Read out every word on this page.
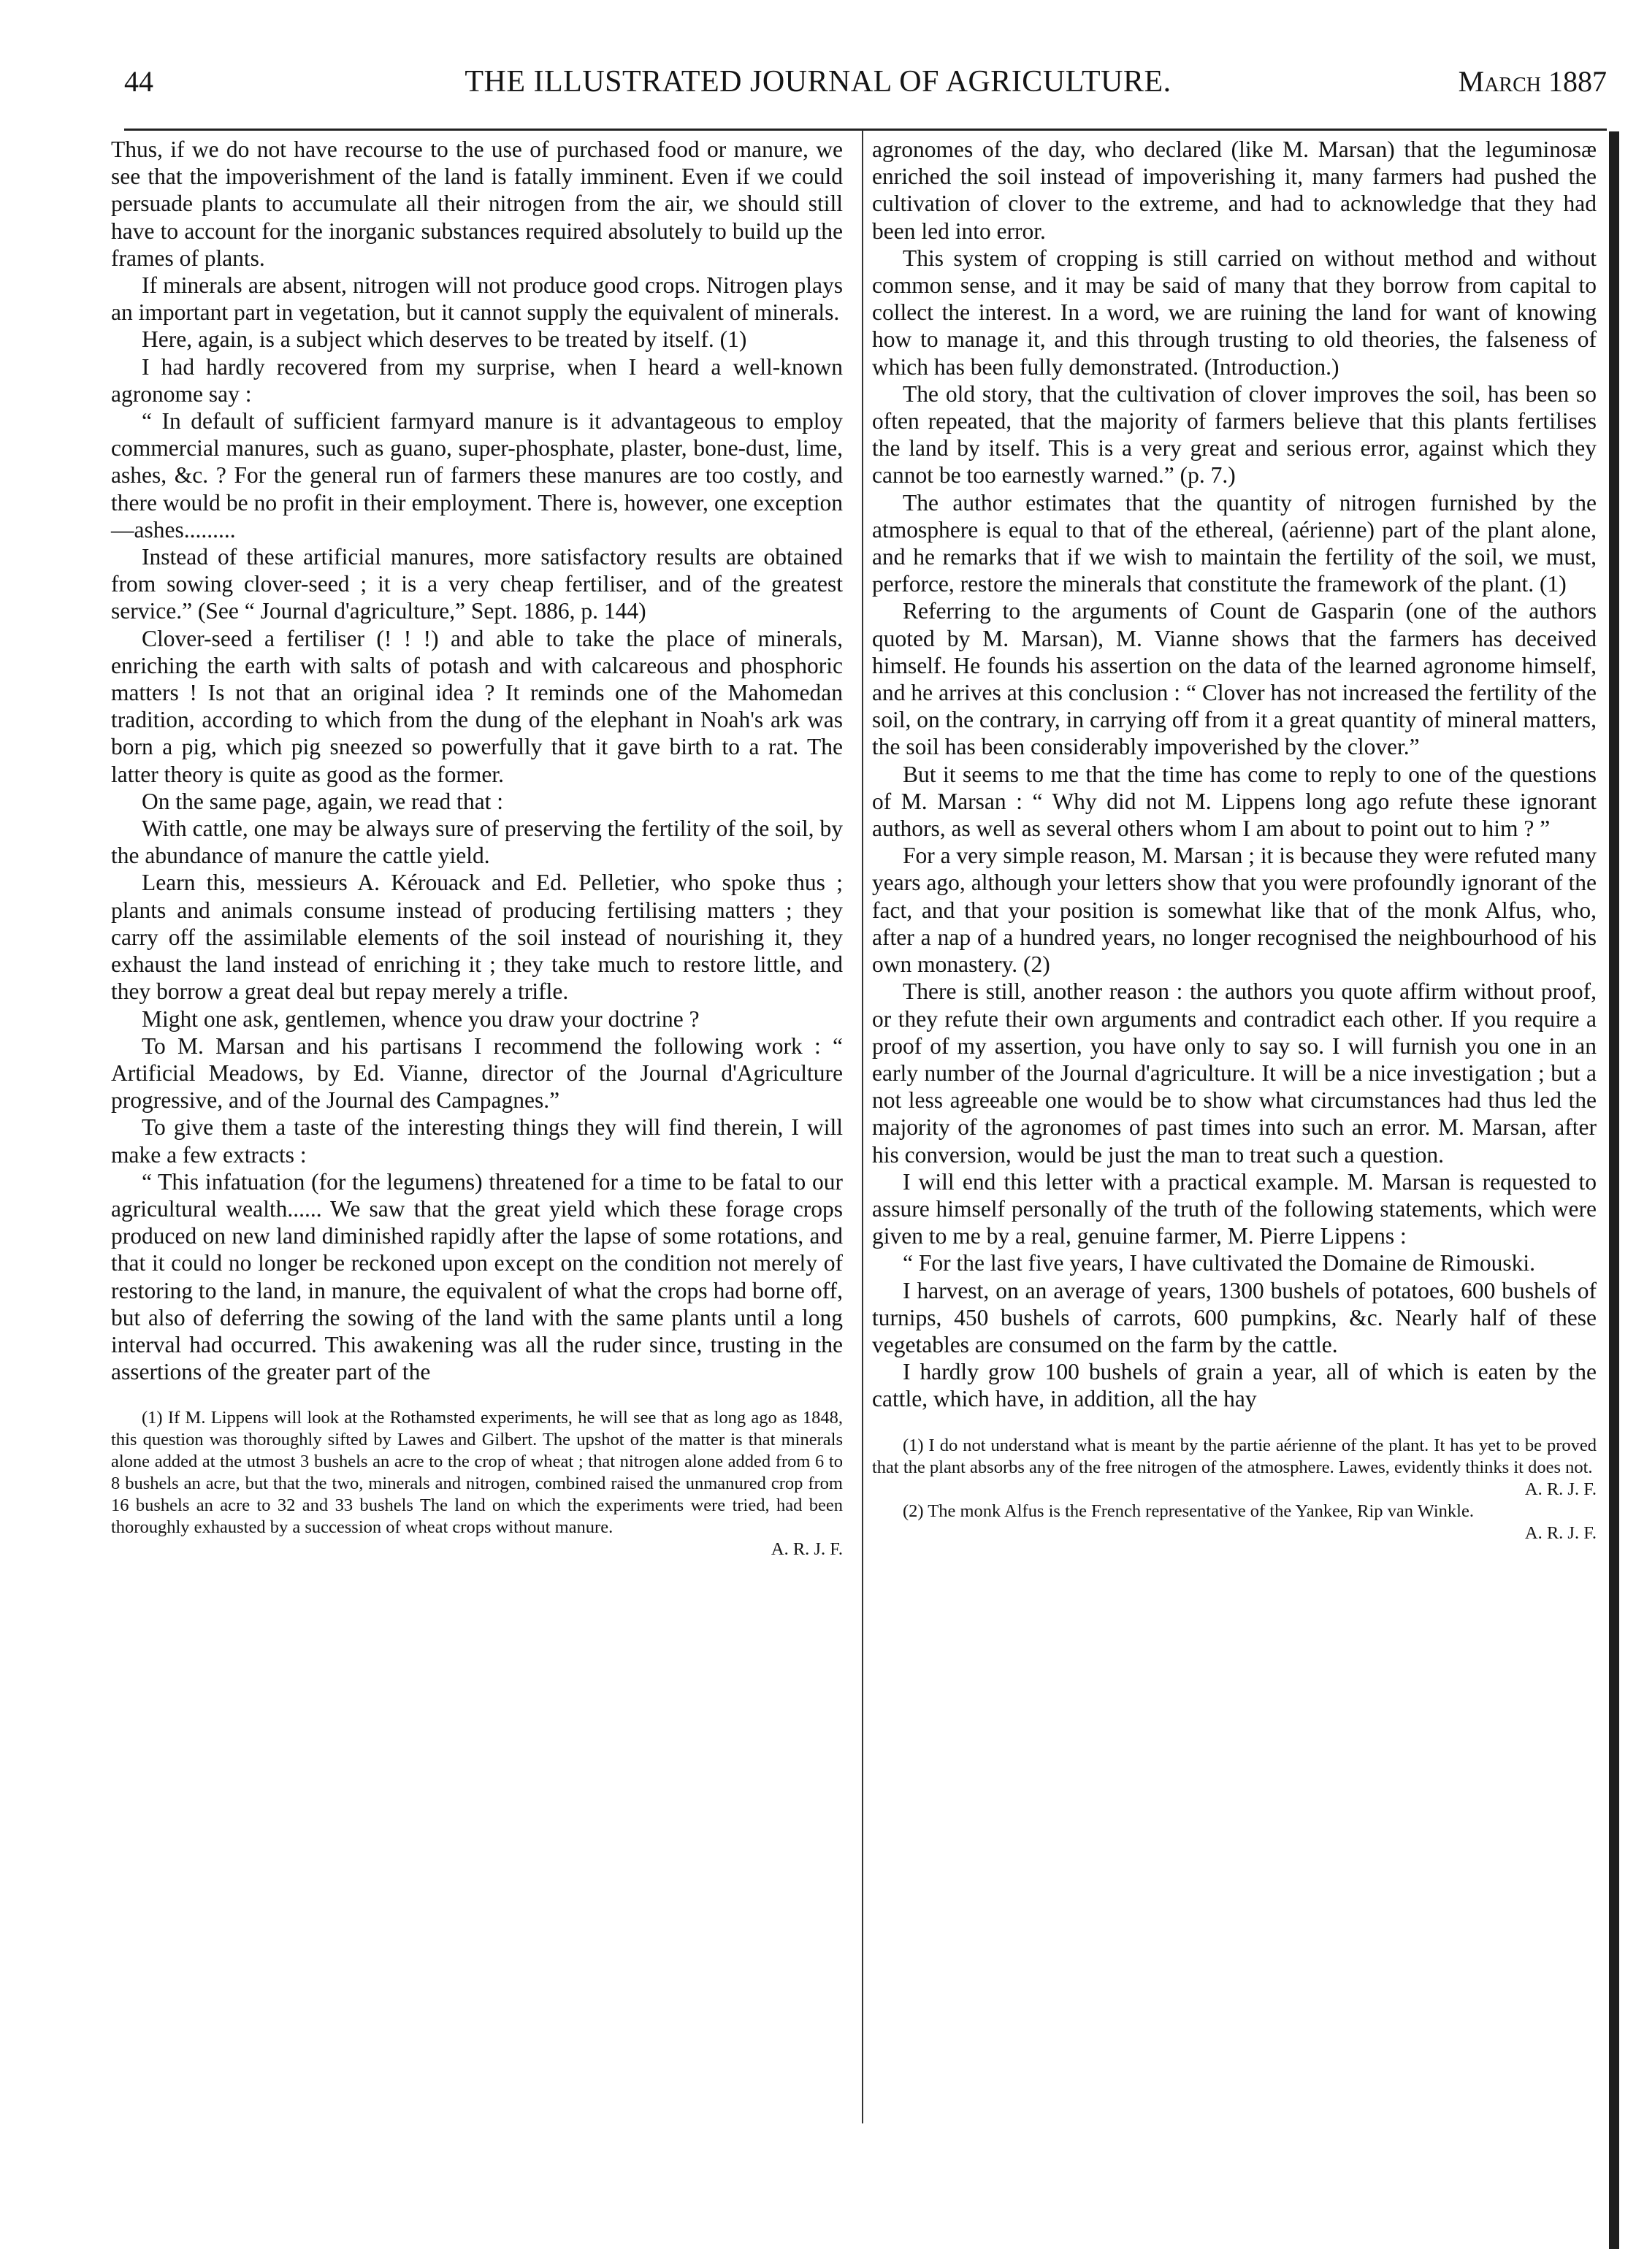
44	THE ILLUSTRATED JOURNAL OF AGRICULTURE.	March 1887

Thus, if we do not have recourse to the use of purchased food or manure, we see that the impoverishment of the land is fatally imminent. Even if we could persuade plants to accumulate all their nitrogen from the air, we should still have to account for the inorganic substances required absolutely to build up the frames of plants.

If minerals are absent, nitrogen will not produce good crops. Nitrogen plays an important part in vegetation, but it cannot supply the equivalent of minerals.

Here, again, is a subject which deserves to be treated by itself. (1)

I had hardly recovered from my surprise, when I heard a well-known agronome say :

“ In default of sufficient farmyard manure is it advantageous to employ commercial manures, such as guano, super-phosphate, plaster, bone-dust, lime, ashes, &c. ? For the general run of farmers these manures are too costly, and there would be no profit in their employment. There is, however, one exception—ashes.........

Instead of these artificial manures, more satisfactory results are obtained from sowing clover-seed ; it is a very cheap fertiliser, and of the greatest service.” (See “ Journal d'agriculture,” Sept. 1886, p. 144)

Clover-seed a fertiliser (! ! !) and able to take the place of minerals, enriching the earth with salts of potash and with calcareous and phosphoric matters ! Is not that an original idea ? It reminds one of the Mahomedan tradition, according to which from the dung of the elephant in Noah's ark was born a pig, which pig sneezed so powerfully that it gave birth to a rat. The latter theory is quite as good as the former.

On the same page, again, we read that :

With cattle, one may be always sure of preserving the fertility of the soil, by the abundance of manure the cattle yield.

Learn this, messieurs A. Kérouack and Ed. Pelletier, who spoke thus ; plants and animals consume instead of producing fertilising matters ; they carry off the assimilable elements of the soil instead of nourishing it, they exhaust the land instead of enriching it ; they take much to restore little, and they borrow a great deal but repay merely a trifle.

Might one ask, gentlemen, whence you draw your doctrine ?

To M. Marsan and his partisans I recommend the following work : “ Artificial Meadows, by Ed. Vianne, director of the Journal d'Agriculture progressive, and of the Journal des Campagnes.”

To give them a taste of the interesting things they will find therein, I will make a few extracts :

“ This infatuation (for the legumens) threatened for a time to be fatal to our agricultural wealth...... We saw that the great yield which these forage crops produced on new land diminished rapidly after the lapse of some rotations, and that it could no longer be reckoned upon except on the condition not merely of restoring to the land, in manure, the equivalent of what the crops had borne off, but also of deferring the sowing of the land with the same plants until a long interval had occurred. This awakening was all the ruder since, trusting in the assertions of the greater part of the

(1) If M. Lippens will look at the Rothamsted experiments, he will see that as long ago as 1848, this question was thoroughly sifted by Lawes and Gilbert. The upshot of the matter is that minerals alone added at the utmost 3 bushels an acre to the crop of wheat ; that nitrogen alone added from 6 to 8 bushels an acre, but that the two, minerals and nitrogen, combined raised the unmanured crop from 16 bushels an acre to 32 and 33 bushels The land on which the experiments were tried, had been thoroughly exhausted by a succession of wheat crops without manure.
A. R. J. F.

agronomes of the day, who declared (like M. Marsan) that the leguminosæ enriched the soil instead of impoverishing it, many farmers had pushed the cultivation of clover to the extreme, and had to acknowledge that they had been led into error.

This system of cropping is still carried on without method and without common sense, and it may be said of many that they borrow from capital to collect the interest. In a word, we are ruining the land for want of knowing how to manage it, and this through trusting to old theories, the falseness of which has been fully demonstrated. (Introduction.)

The old story, that the cultivation of clover improves the soil, has been so often repeated, that the majority of farmers believe that this plants fertilises the land by itself. This is a very great and serious error, against which they cannot be too earnestly warned.” (p. 7.)

The author estimates that the quantity of nitrogen furnished by the atmosphere is equal to that of the ethereal, (aérienne) part of the plant alone, and he remarks that if we wish to maintain the fertility of the soil, we must, perforce, restore the minerals that constitute the framework of the plant. (1)

Referring to the arguments of Count de Gasparin (one of the authors quoted by M. Marsan), M. Vianne shows that the farmers has deceived himself. He founds his assertion on the data of the learned agronome himself, and he arrives at this conclusion : “ Clover has not increased the fertility of the soil, on the contrary, in carrying off from it a great quantity of mineral matters, the soil has been considerably impoverished by the clover.”

But it seems to me that the time has come to reply to one of the questions of M. Marsan : “ Why did not M. Lippens long ago refute these ignorant authors, as well as several others whom I am about to point out to him ? ”

For a very simple reason, M. Marsan ; it is because they were refuted many years ago, although your letters show that you were profoundly ignorant of the fact, and that your position is somewhat like that of the monk Alfus, who, after a nap of a hundred years, no longer recognised the neighbourhood of his own monastery. (2)

There is still, another reason : the authors you quote affirm without proof, or they refute their own arguments and contradict each other. If you require a proof of my assertion, you have only to say so. I will furnish you one in an early number of the Journal d'agriculture. It will be a nice investigation ; but a not less agreeable one would be to show what circumstances had thus led the majority of the agronomes of past times into such an error. M. Marsan, after his conversion, would be just the man to treat such a question.

I will end this letter with a practical example. M. Marsan is requested to assure himself personally of the truth of the following statements, which were given to me by a real, genuine farmer, M. Pierre Lippens :

“ For the last five years, I have cultivated the Domaine de Rimouski.

I harvest, on an average of years, 1300 bushels of potatoes, 600 bushels of turnips, 450 bushels of carrots, 600 pumpkins, &c. Nearly half of these vegetables are consumed on the farm by the cattle.

I hardly grow 100 bushels of grain a year, all of which is eaten by the cattle, which have, in addition, all the hay

(1) I do not understand what is meant by the partie aérienne of the plant. It has yet to be proved that the plant absorbs any of the free nitrogen of the atmosphere. Lawes, evidently thinks it does not.
A. R. J. F.

(2) The monk Alfus is the French representative of the Yankee, Rip van Winkle.
A. R. J. F.
